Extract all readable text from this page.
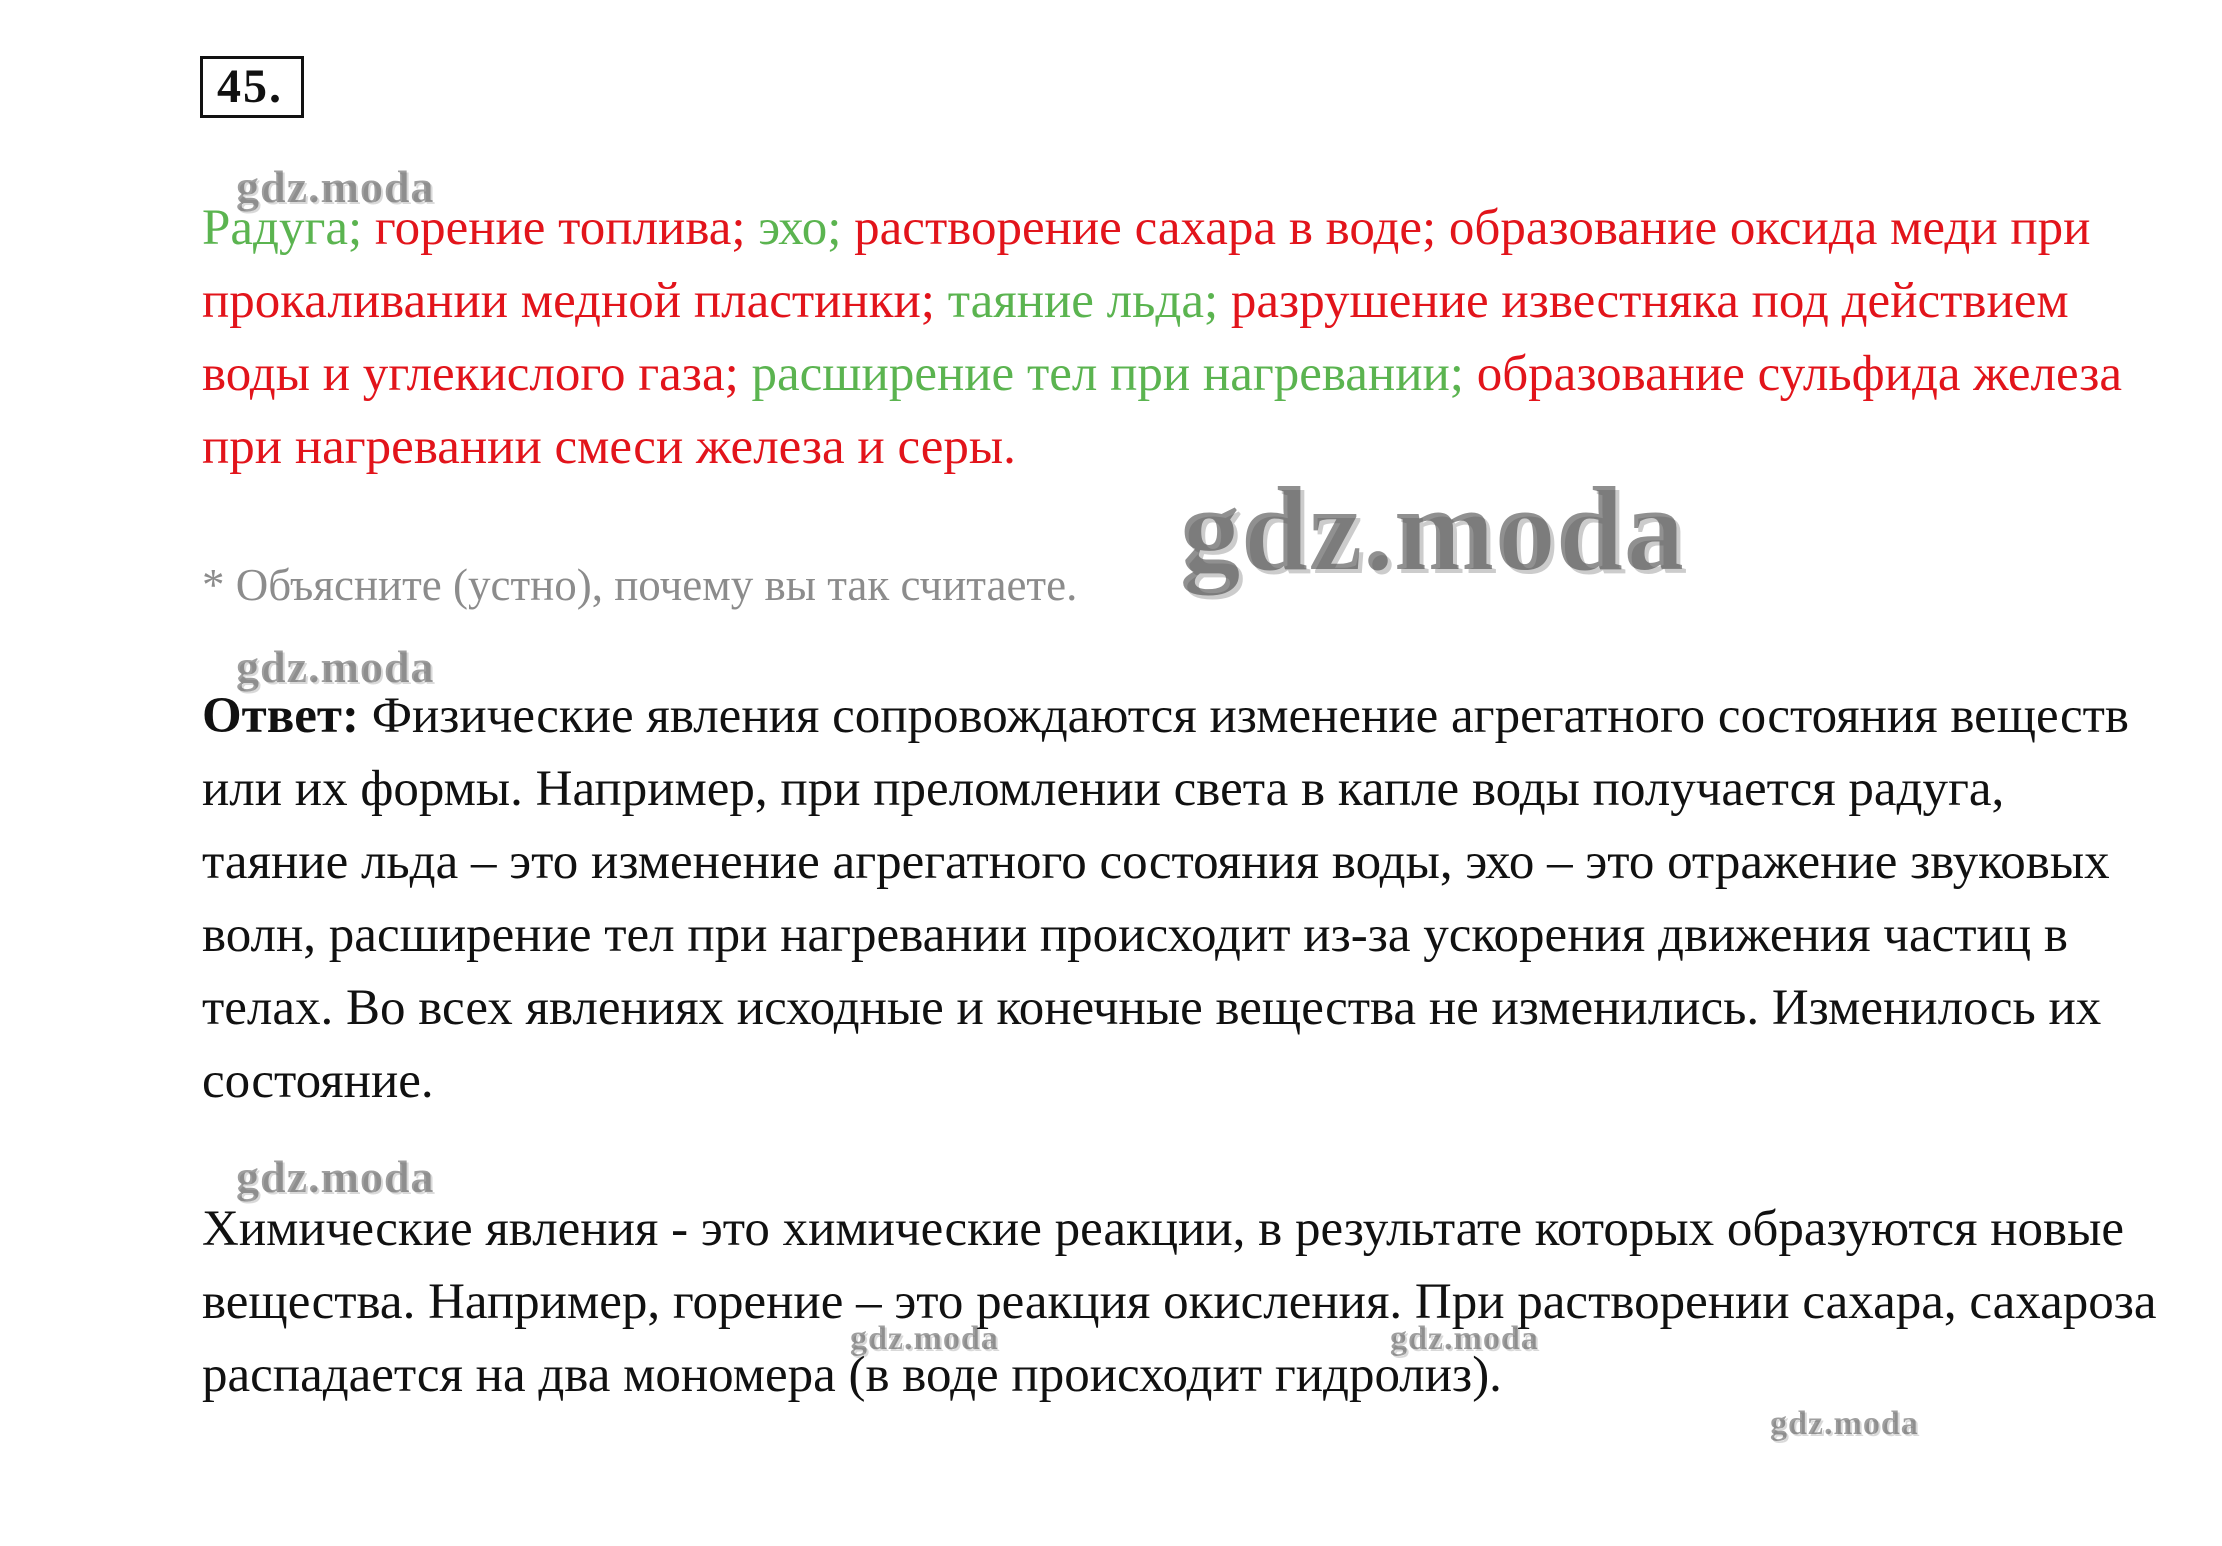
45.
Радуга; горение топлива; эхо; растворение сахара в воде; образование оксида меди при прокаливании медной пластинки; таяние льда; разрушение известняка под действием воды и углекислого газа; расширение тел при нагревании; образование сульфида железа при нагревании смеси железа и серы.
* Объясните (устно), почему вы так считаете.
Ответ: Физические явления сопровождаются изменение агрегатного состояния веществ или их формы. Например, при преломлении света в капле воды получается радуга, таяние льда – это изменение агрегатного состояния воды, эхо – это отражение звуковых волн, расширение тел при нагревании происходит из-за ускорения движения частиц в телах. Во всех явлениях исходные и конечные вещества не изменились. Изменилось их состояние.
Химические явления - это химические реакции, в результате которых образуются новые вещества. Например, горение – это реакция окисления. При растворении сахара, сахароза распадается на два мономера (в воде происходит гидролиз).
gdz.moda
gdz.moda
gdz.moda
gdz.moda
gdz.moda	gdz.moda
gdz.moda
